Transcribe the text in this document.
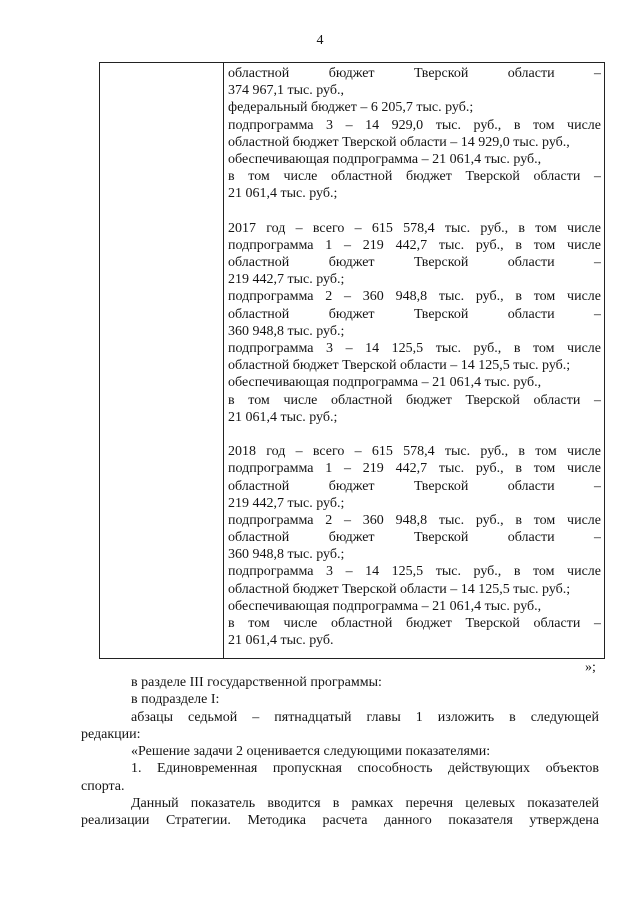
4
областной бюджет Тверской области –
374 967,1 тыс. руб.,
федеральный бюджет – 6 205,7 тыс. руб.;
подпрограмма 3 – 14 929,0 тыс. руб., в том числе
областной бюджет Тверской области – 14 929,0 тыс. руб.,
обеспечивающая подпрограмма – 21 061,4 тыс. руб.,
в том числе областной бюджет Тверской области –
21 061,4 тыс. руб.;
2017 год – всего – 615 578,4 тыс. руб., в том числе
подпрограмма 1 – 219 442,7 тыс. руб., в том числе
областной бюджет Тверской области –
219 442,7 тыс. руб.;
подпрограмма 2 – 360 948,8 тыс. руб., в том числе
областной бюджет Тверской области –
360 948,8 тыс. руб.;
подпрограмма 3 – 14 125,5 тыс. руб., в том числе
областной бюджет Тверской области – 14 125,5 тыс. руб.;
обеспечивающая подпрограмма – 21 061,4 тыс. руб.,
в том числе областной бюджет Тверской области –
21 061,4 тыс. руб.;
2018 год – всего – 615 578,4 тыс. руб., в том числе
подпрограмма 1 – 219 442,7 тыс. руб., в том числе
областной бюджет Тверской области –
219 442,7 тыс. руб.;
подпрограмма 2 – 360 948,8 тыс. руб., в том числе
областной бюджет Тверской области –
360 948,8 тыс. руб.;
подпрограмма 3 – 14 125,5 тыс. руб., в том числе
областной бюджет Тверской области – 14 125,5 тыс. руб.;
обеспечивающая подпрограмма – 21 061,4 тыс. руб.,
в том числе областной бюджет Тверской области –
21 061,4 тыс. руб.
»;
в разделе III государственной программы:
в подразделе I:
абзацы седьмой – пятнадцатый главы 1 изложить в следующей
редакции:
«Решение задачи 2 оценивается следующими показателями:
1. Единовременная пропускная способность действующих объектов
спорта.
Данный показатель вводится в рамках перечня целевых показателей
реализации Стратегии. Методика расчета данного показателя утверждена
